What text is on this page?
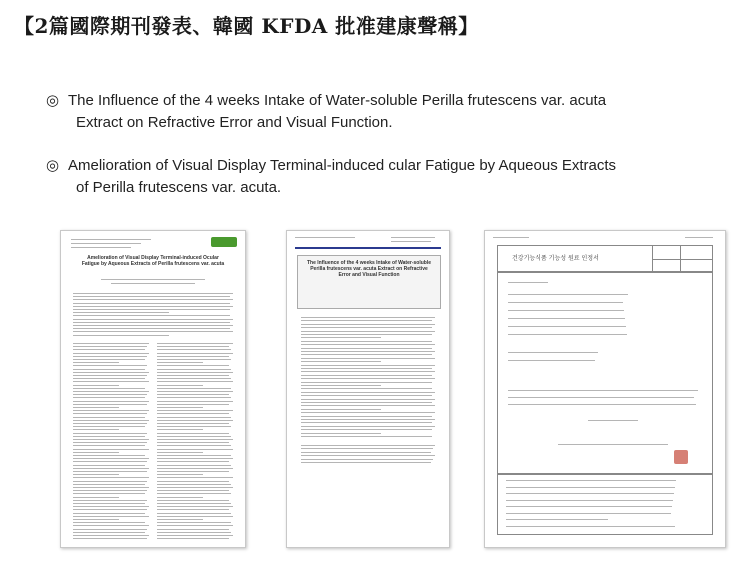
【2篇國際期刊發表、韓國 KFDA 批准建康聲稱】
◎ The Influence of the 4 weeks Intake of Water-soluble Perilla frutescens var. acuta
Extract on Refractive Error and Visual Function.
◎ Amelioration of Visual Display Terminal-induced cular Fatigue by Aqueous Extracts
of Perilla frutescens var. acuta.
Amelioration of Visual Display Terminal-induced Ocular Fatigue by Aqueous Extracts of Perilla frutescens var. acuta	The Influence of the 4 weeks Intake of Water-soluble Perilla frutescens var. acuta Extract on Refractive Error and Visual Function
건강기능식품 기능성 원료 인정서
